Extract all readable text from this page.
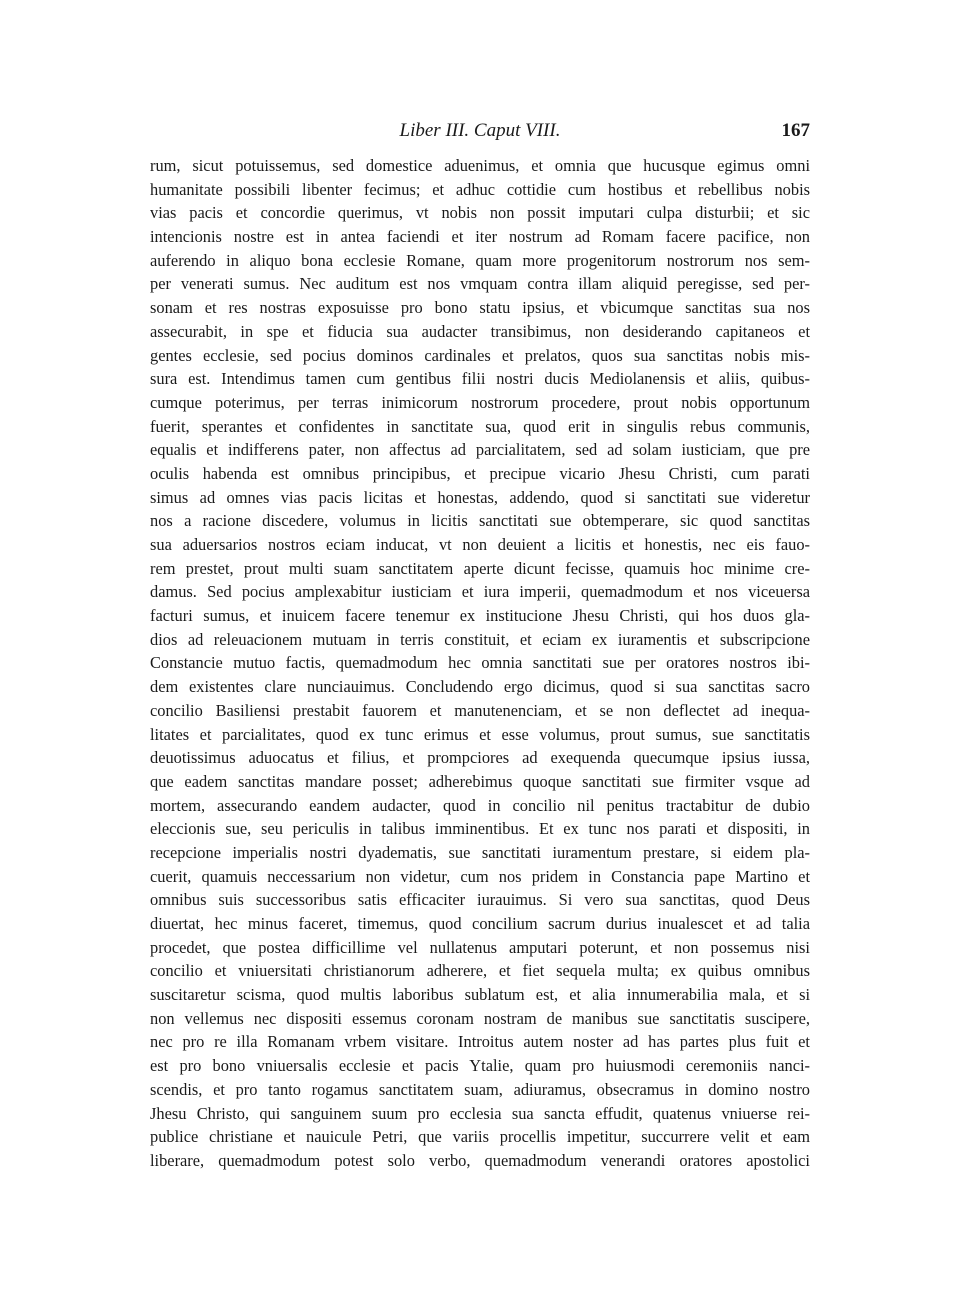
Liber III. Caput VIII.	167
rum, sicut potuissemus, sed domestice aduenimus, et omnia que hucusque egimus omni
humanitate possibili libenter fecimus; et adhuc cottidie cum hostibus et rebellibus nobis
vias pacis et concordie querimus, vt nobis non possit imputari culpa disturbii; et sic
intencionis nostre est in antea faciendi et iter nostrum ad Romam facere pacifice, non
auferendo in aliquo bona ecclesie Romane, quam more progenitorum nostrorum nos sem-
per venerati sumus. Nec auditum est nos vmquam contra illam aliquid peregisse, sed per-
sonam et res nostras exposuisse pro bono statu ipsius, et vbicumque sanctitas sua nos
assecurabit, in spe et fiducia sua audacter transibimus, non desiderando capitaneos et
gentes ecclesie, sed pocius dominos cardinales et prelatos, quos sua sanctitas nobis mis-
sura est. Intendimus tamen cum gentibus filii nostri ducis Mediolanensis et aliis, quibus-
cumque poterimus, per terras inimicorum nostrorum procedere, prout nobis opportunum
fuerit, sperantes et confidentes in sanctitate sua, quod erit in singulis rebus communis,
equalis et indifferens pater, non affectus ad parcialitatem, sed ad solam iusticiam, que pre
oculis habenda est omnibus principibus, et precipue vicario Jhesu Christi, cum parati
simus ad omnes vias pacis licitas et honestas, addendo, quod si sanctitati sue videretur
nos a racione discedere, volumus in licitis sanctitati sue obtemperare, sic quod sanctitas
sua aduersarios nostros eciam inducat, vt non deuient a licitis et honestis, nec eis fauo-
rem prestet, prout multi suam sanctitatem aperte dicunt fecisse, quamuis hoc minime cre-
damus. Sed pocius amplexabitur iusticiam et iura imperii, quemadmodum et nos viceuersa
facturi sumus, et inuicem facere tenemur ex institucione Jhesu Christi, qui hos duos gla-
dios ad releuacionem mutuam in terris constituit, et eciam ex iuramentis et subscripcione
Constancie mutuo factis, quemadmodum hec omnia sanctitati sue per oratores nostros ibi-
dem existentes clare nunciauimus. Concludendo ergo dicimus, quod si sua sanctitas sacro
concilio Basiliensi prestabit fauorem et manutenenciam, et se non deflectet ad inequa-
litates et parcialitates, quod ex tunc erimus et esse volumus, prout sumus, sue sanctitatis
deuotissimus aduocatus et filius, et prompciores ad exequenda quecumque ipsius iussa,
que eadem sanctitas mandare posset; adherebimus quoque sanctitati sue firmiter vsque ad
mortem, assecurando eandem audacter, quod in concilio nil penitus tractabitur de dubio
eleccionis sue, seu periculis in talibus imminentibus. Et ex tunc nos parati et dispositi, in
recepcione imperialis nostri dyadematis, sue sanctitati iuramentum prestare, si eidem pla-
cuerit, quamuis neccessarium non videtur, cum nos pridem in Constancia pape Martino et
omnibus suis successoribus satis efficaciter iurauimus. Si vero sua sanctitas, quod Deus
diuertat, hec minus faceret, timemus, quod concilium sacrum durius inualescet et ad talia
procedet, que postea difficillime vel nullatenus amputari poterunt, et non possemus nisi
concilio et vniuersitati christianorum adherere, et fiet sequela multa; ex quibus omnibus
suscitaretur scisma, quod multis laboribus sublatum est, et alia innumerabilia mala, et si
non vellemus nec dispositi essemus coronam nostram de manibus sue sanctitatis suscipere,
nec pro re illa Romanam vrbem visitare. Introitus autem noster ad has partes plus fuit et
est pro bono vniuersalis ecclesie et pacis Ytalie, quam pro huiusmodi ceremoniis nanci-
scendis, et pro tanto rogamus sanctitatem suam, adiuramus, obsecramus in domino nostro
Jhesu Christo, qui sanguinem suum pro ecclesia sua sancta effudit, quatenus vniuerse rei-
publice christiane et nauicule Petri, que variis procellis impetitur, succurrere velit et eam
liberare, quemadmodum potest solo verbo, quemadmodum venerandi oratores apostolici
